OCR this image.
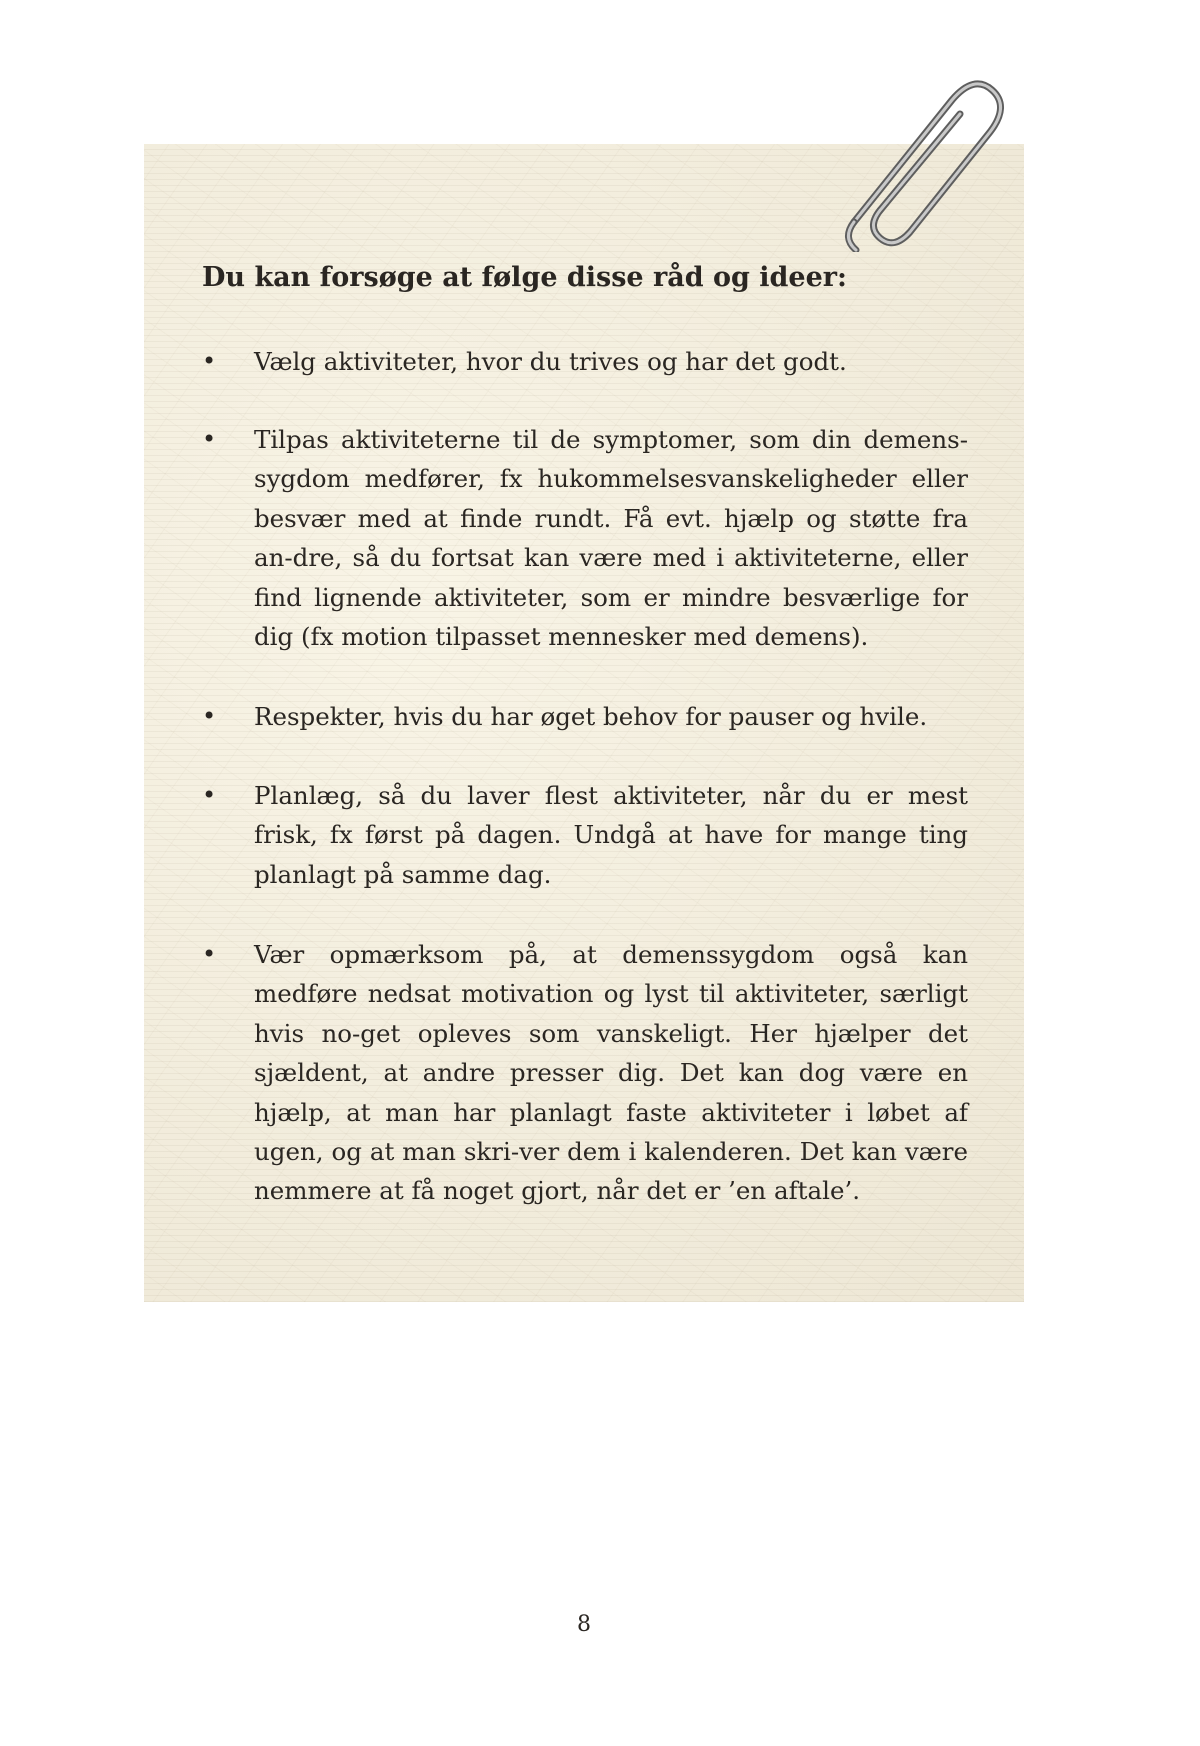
Du kan forsøge at følge disse råd og ideer:
•	Vælg aktiviteter, hvor du trives og har det godt.

•	Tilpas aktiviteterne til de symptomer, som din demens-sygdom medfører, fx hukommelsesvanskeligheder eller besvær med at finde rundt. Få evt. hjælp og støtte fra an-dre, så du fortsat kan være med i aktiviteterne, eller find lignende aktiviteter, som er mindre besværlige for dig (fx motion tilpasset mennesker med demens).

•	Respekter, hvis du har øget behov for pauser og hvile.

•	Planlæg, så du laver flest aktiviteter, når du er mest frisk, fx først på dagen. Undgå at have for mange ting planlagt på samme dag.

•	Vær opmærksom på, at demenssygdom også kan medføre nedsat motivation og lyst til aktiviteter, særligt hvis no-get opleves som vanskeligt. Her hjælper det sjældent, at andre presser dig. Det kan dog være en hjælp, at man har planlagt faste aktiviteter i løbet af ugen, og at man skri-ver dem i kalenderen. Det kan være nemmere at få noget gjort, når det er ’en aftale’.

8
